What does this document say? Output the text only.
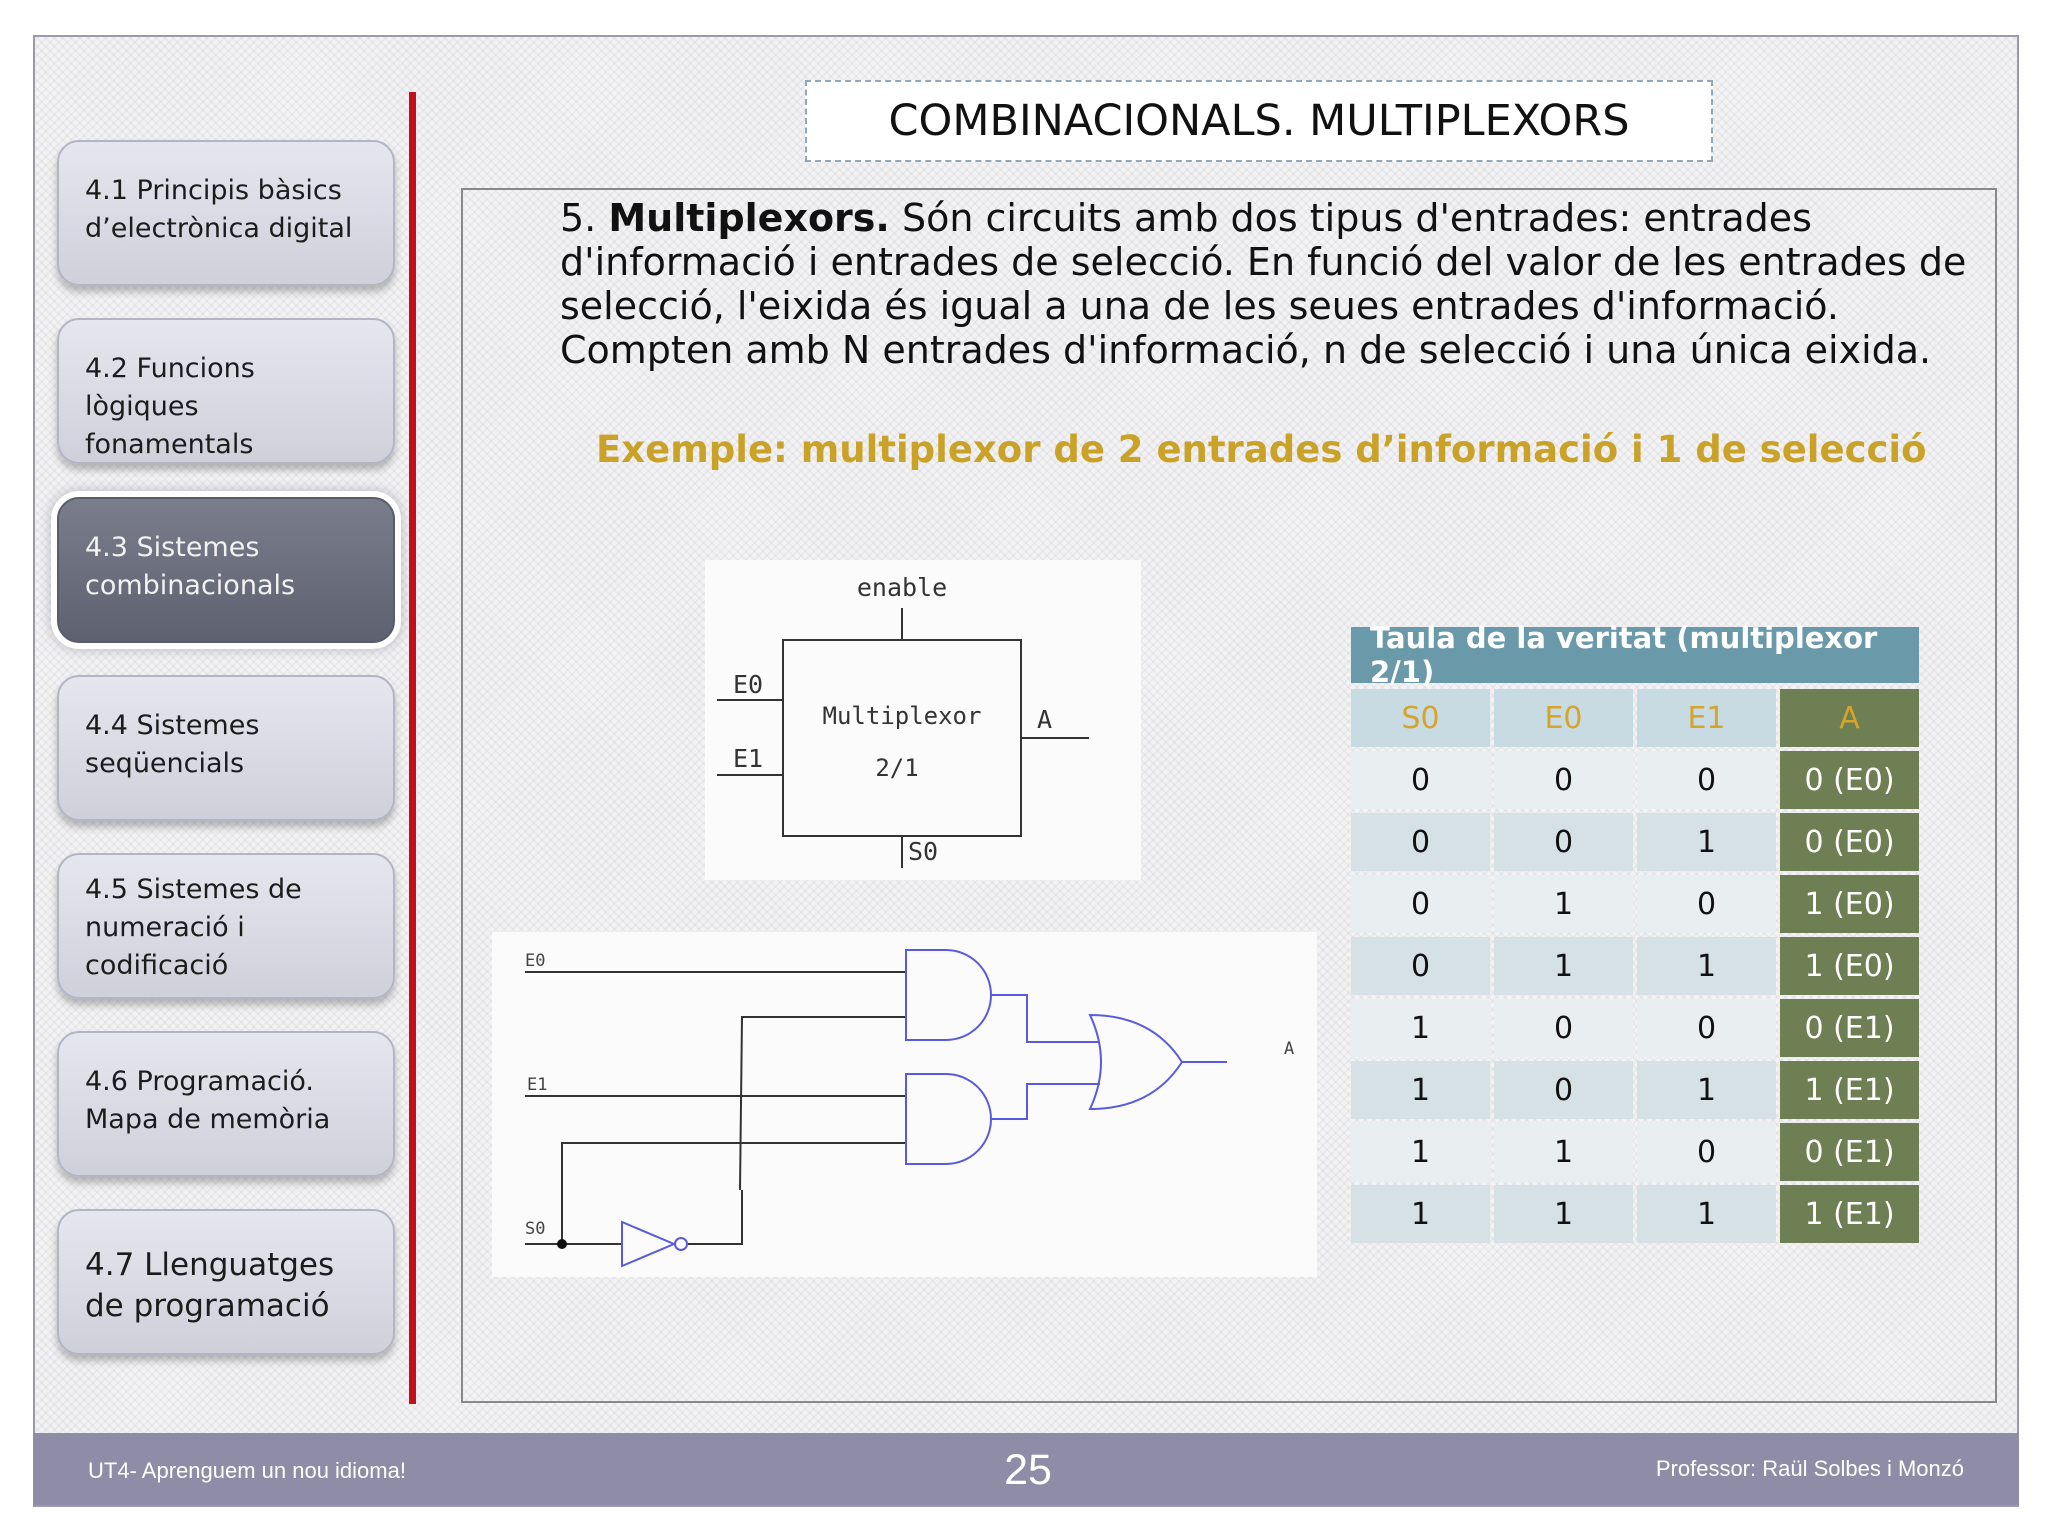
4.1 Principis bàsics d’electrònica digital
4.2 Funcions lògiques fonamentals
4.3 Sistemes combinacionals
4.4 Sistemes seqüencials
4.5 Sistemes de numeració i codificació
4.6 Programació. Mapa de memòria
4.7 Llenguatges de programació
COMBINACIONALS. MULTIPLEXORS
5. Multiplexors. Són circuits amb dos tipus d'entrades: entrades d'informació i entrades de selecció. En funció del valor de les entrades de selecció, l'eixida és igual a una de les seues entrades d'informació. Compten amb N entrades d'informació, n de selecció i una única eixida.
Exemple: multiplexor de 2 entrades d’informació i 1 de selecció
enable
E0
E1
Multiplexor
2/1
A
S0
E0
E1
S0
A
Taula de la veritat (multiplexor 2/1)
S0	E0	E1	A
0	0	0	0 (E0)
0	0	1	0 (E0)
0	1	0	1 (E0)
0	1	1	1 (E0)
1	0	0	0 (E1)
1	0	1	1 (E1)
1	1	0	0 (E1)
1	1	1	1 (E1)
UT4- Aprenguem un nou idioma!	25	Professor: Raül Solbes i Monzó
